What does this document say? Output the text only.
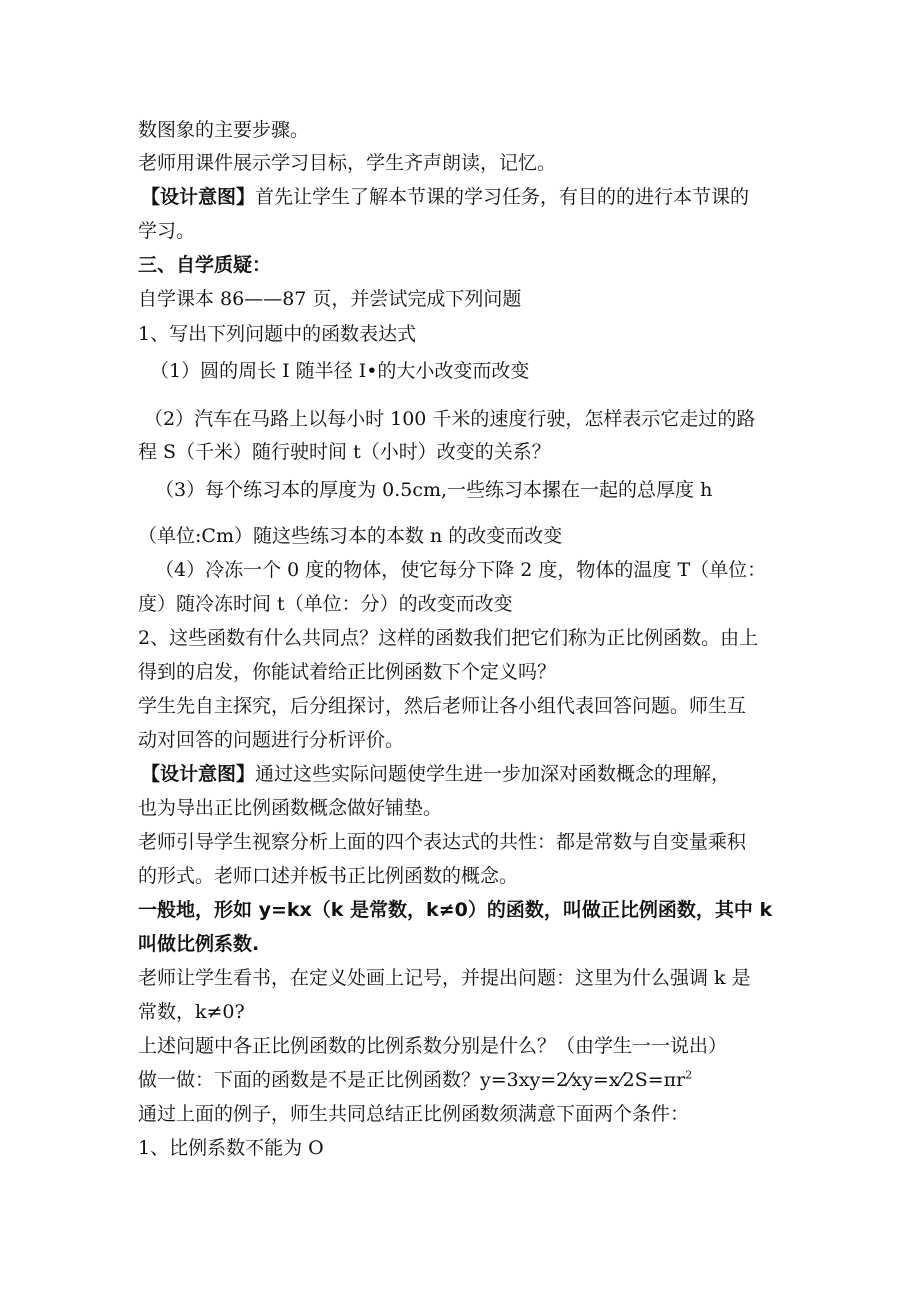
数图象的主要步骤。
老师用课件展示学习目标，学生齐声朗读，记忆。
【设计意图】首先让学生了解本节课的学习任务，有目的的进行本节课的
学习。
三、自学质疑：
自学课本 86——87 页，并尝试完成下列问题
1、写出下列问题中的函数表达式
（1）圆的周长 I 随半径 I•的大小改变而改变
（2）汽车在马路上以每小时 100 千米的速度行驶，怎样表示它走过的路
程 S（千米）随行驶时间 t（小时）改变的关系？
（3）每个练习本的厚度为 0.5cm,一些练习本摞在一起的总厚度 h
（单位:Cm）随这些练习本的本数 n 的改变而改变
（4）冷冻一个 0 度的物体，使它每分下降 2 度，物体的温度 T（单位：
度）随冷冻时间 t（单位：分）的改变而改变
2、这些函数有什么共同点？这样的函数我们把它们称为正比例函数。由上
得到的启发，你能试着给正比例函数下个定义吗？
学生先自主探究，后分组探讨，然后老师让各小组代表回答问题。师生互
动对回答的问题进行分析评价。
【设计意图】通过这些实际问题使学生进一步加深对函数概念的理解，
也为导出正比例函数概念做好铺垫。
老师引导学生视察分析上面的四个表达式的共性：都是常数与自变量乘积
的形式。老师口述并板书正比例函数的概念。
一般地，形如 y=kx（k 是常数，k≠0）的函数，叫做正比例函数，其中 k
叫做比例系数.
老师让学生看书，在定义处画上记号，并提出问题：这里为什么强调 k 是
常数，k≠0?
上述问题中各正比例函数的比例系数分别是什么？（由学生一一说出）
做一做：下面的函数是不是正比例函数？$y=3xy=2⁄xy=x⁄2S=\pi r^2$
通过上面的例子，师生共同总结正比例函数须满意下面两个条件：
1、比例系数不能为 O
